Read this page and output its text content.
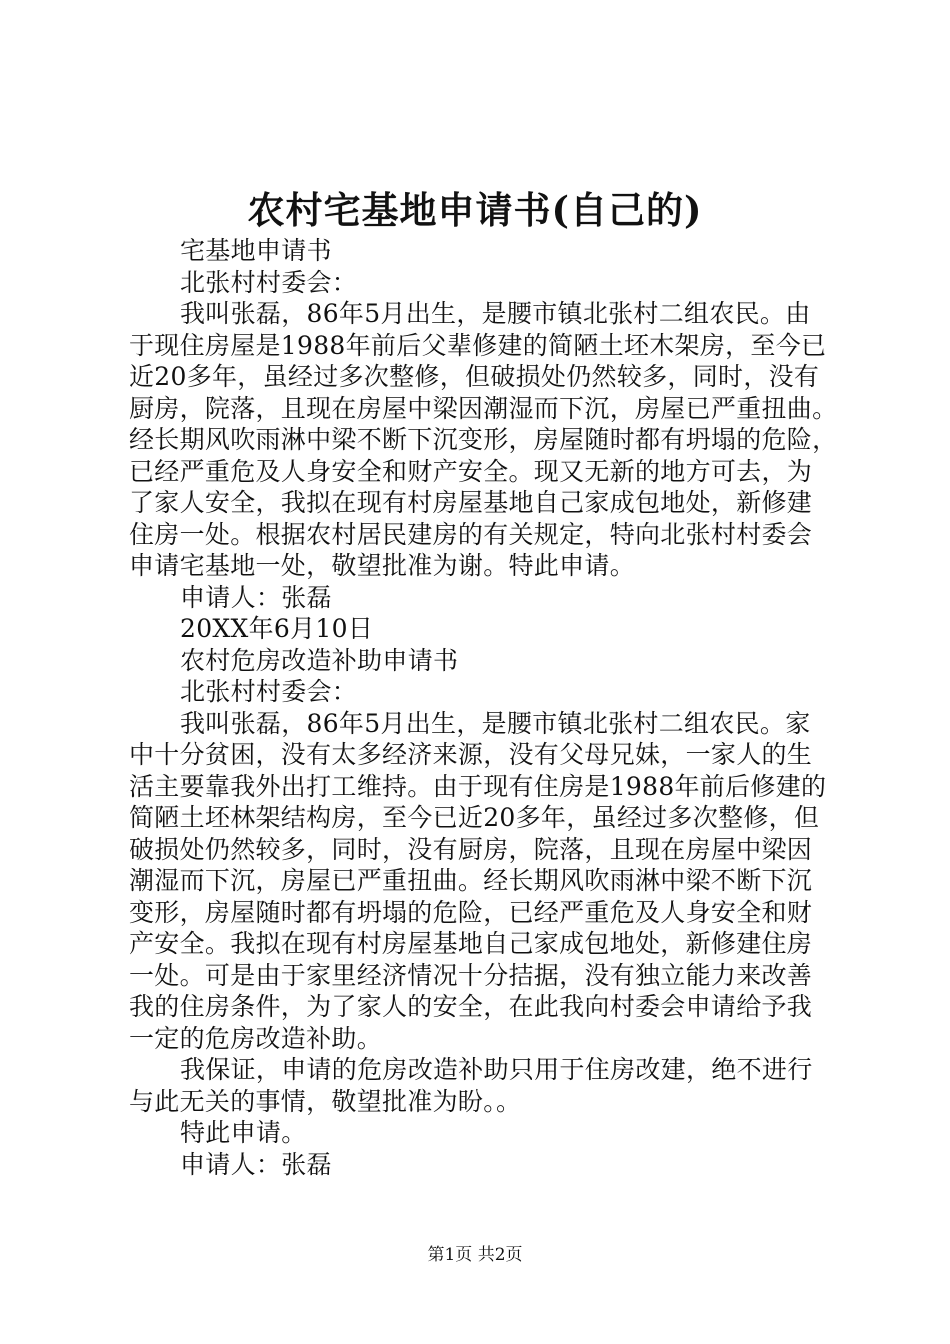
农村宅基地申请书(自己的)
宅基地申请书
北张村村委会：
我叫张磊，86年5月出生，是腰市镇北张村二组农民。由
于现住房屋是1988年前后父辈修建的简陋土坯木架房，至今已
近20多年，虽经过多次整修，但破损处仍然较多，同时，没有
厨房，院落，且现在房屋中梁因潮湿而下沉，房屋已严重扭曲。
经长期风吹雨淋中梁不断下沉变形，房屋随时都有坍塌的危险，
已经严重危及人身安全和财产安全。现又无新的地方可去，为
了家人安全，我拟在现有村房屋基地自己家成包地处，新修建
住房一处。根据农村居民建房的有关规定，特向北张村村委会
申请宅基地一处，敬望批准为谢。特此申请。
申请人：张磊
20XX年6月10日
农村危房改造补助申请书
北张村村委会：
我叫张磊，86年5月出生，是腰市镇北张村二组农民。家
中十分贫困，没有太多经济来源，没有父母兄妹，一家人的生
活主要靠我外出打工维持。由于现有住房是1988年前后修建的
简陋土坯林架结构房，至今已近20多年，虽经过多次整修，但
破损处仍然较多，同时，没有厨房，院落，且现在房屋中梁因
潮湿而下沉，房屋已严重扭曲。经长期风吹雨淋中梁不断下沉
变形，房屋随时都有坍塌的危险，已经严重危及人身安全和财
产安全。我拟在现有村房屋基地自己家成包地处，新修建住房
一处。可是由于家里经济情况十分拮据，没有独立能力来改善
我的住房条件，为了家人的安全，在此我向村委会申请给予我
一定的危房改造补助。
我保证，申请的危房改造补助只用于住房改建，绝不进行
与此无关的事情，敬望批准为盼。。
特此申请。
申请人：张磊
第1页 共2页
